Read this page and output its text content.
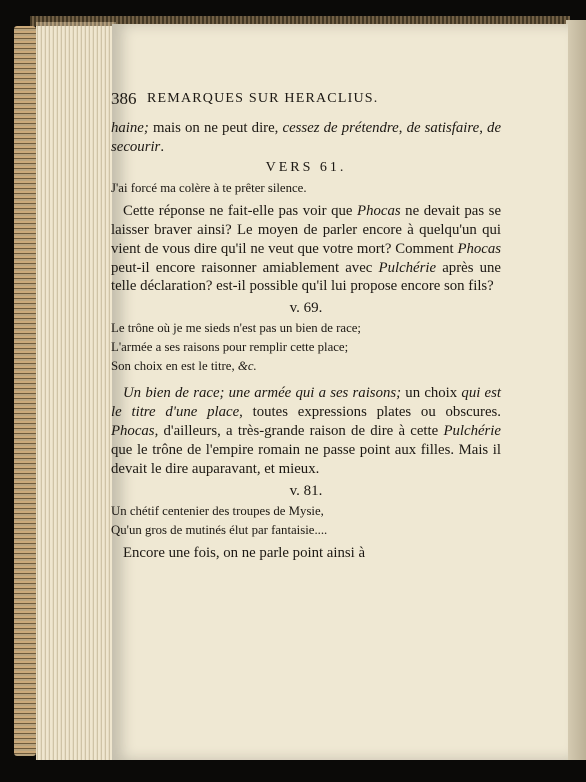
386 REMARQUES SUR HERACLIUS.

haine; mais on ne peut dire, cessez de prétendre, de satisfaire, de secourir.

VERS 61.
J'ai forcé ma colère à te prêter silence.

Cette réponse ne fait-elle pas voir que Phocas ne devait pas se laisser braver ainsi? Le moyen de parler encore à quelqu'un qui vient de vous dire qu'il ne veut que votre mort? Comment Phocas peut-il encore raisonner amiablement avec Pulchérie après une telle déclaration? est-il possible qu'il lui propose encore son fils?

v. 69.
Le trône où je me sieds n'est pas un bien de race;
L'armée a ses raisons pour remplir cette place;
Son choix en est le titre, &c.

Un bien de race; une armée qui a ses raisons; un choix qui est le titre d'une place, toutes expressions plates ou obscures. Phocas, d'ailleurs, a très-grande raison de dire à cette Pulchérie que le trône de l'empire romain ne passe point aux filles. Mais il devait le dire auparavant, et mieux.

v. 81.
Un chétif centenier des troupes de Mysie,
Qu'un gros de mutinés élut par fantaisie....

Encore une fois, on ne parle point ainsi à
